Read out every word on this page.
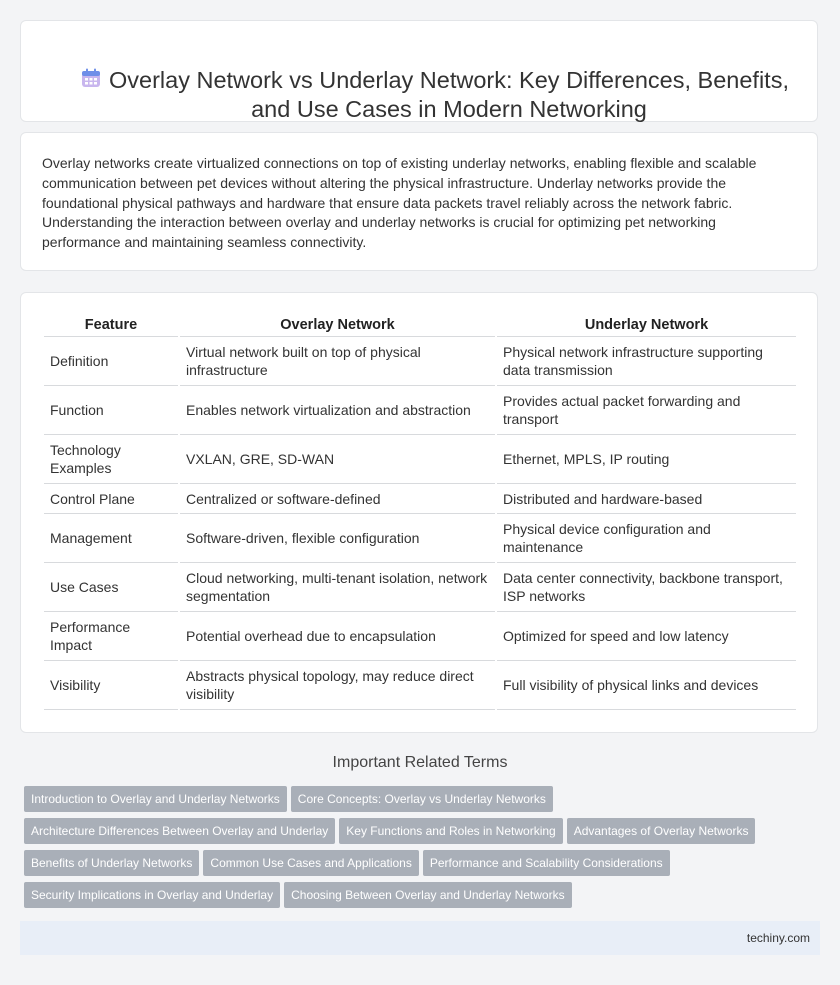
Overlay Network vs Underlay Network: Key Differences, Benefits, and Use Cases in Modern Networking

Overlay networks create virtualized connections on top of existing underlay networks, enabling flexible and scalable communication between pet devices without altering the physical infrastructure. Underlay networks provide the foundational physical pathways and hardware that ensure data packets travel reliably across the network fabric. Understanding the interaction between overlay and underlay networks is crucial for optimizing pet networking performance and maintaining seamless connectivity.

Feature	Overlay Network	Underlay Network
Definition	Virtual network built on top of physical infrastructure	Physical network infrastructure supporting data transmission
Function	Enables network virtualization and abstraction	Provides actual packet forwarding and transport
Technology Examples	VXLAN, GRE, SD-WAN	Ethernet, MPLS, IP routing
Control Plane	Centralized or software-defined	Distributed and hardware-based
Management	Software-driven, flexible configuration	Physical device configuration and maintenance
Use Cases	Cloud networking, multi-tenant isolation, network segmentation	Data center connectivity, backbone transport, ISP networks
Performance Impact	Potential overhead due to encapsulation	Optimized for speed and low latency
Visibility	Abstracts physical topology, may reduce direct visibility	Full visibility of physical links and devices
Important Related Terms
Introduction to Overlay and Underlay Networks Core Concepts: Overlay vs Underlay Networks
Architecture Differences Between Overlay and Underlay Key Functions and Roles in Networking Advantages of Overlay Networks
Benefits of Underlay Networks Common Use Cases and Applications Performance and Scalability Considerations
Security Implications in Overlay and Underlay Choosing Between Overlay and Underlay Networks
techiny.com
